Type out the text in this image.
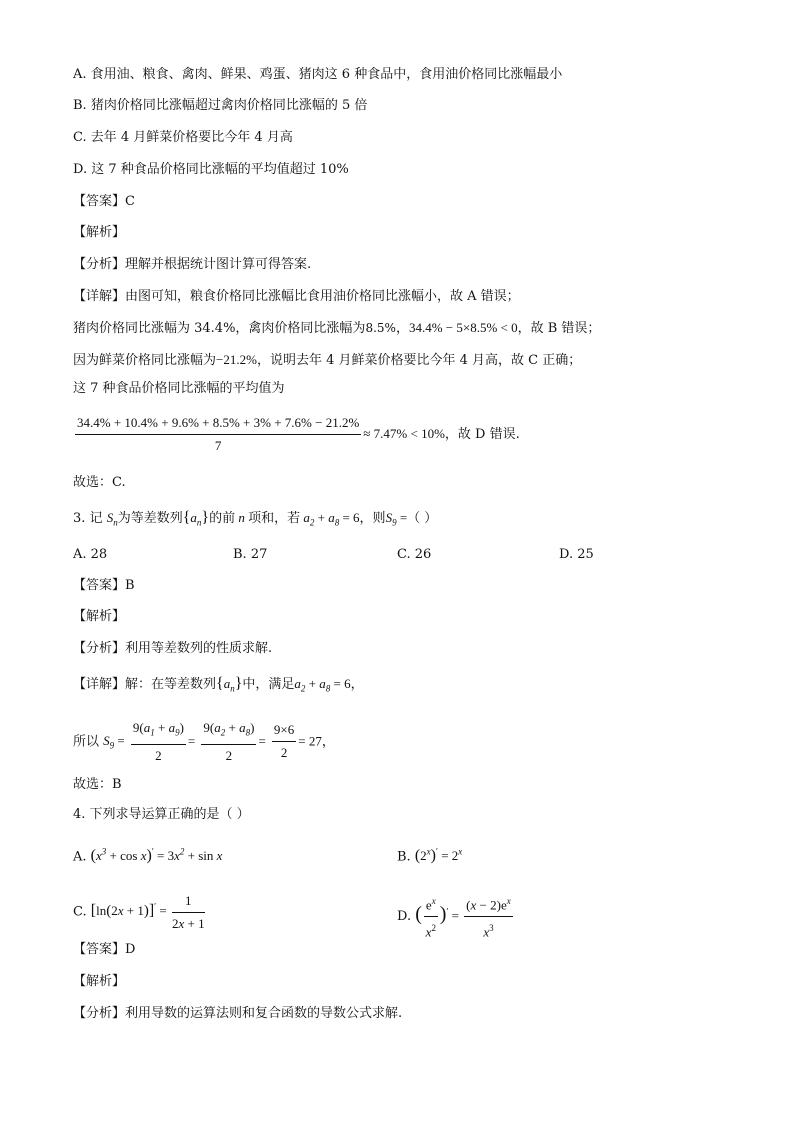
A. 食用油、粮食、禽肉、鲜果、鸡蛋、猪肉这 6 种食品中，食用油价格同比涨幅最小
B. 猪肉价格同比涨幅超过禽肉价格同比涨幅的 5 倍
C. 去年 4 月鲜菜价格要比今年 4 月高
D. 这 7 种食品价格同比涨幅的平均值超过 10%
【答案】C
【解析】
【分析】理解并根据统计图计算可得答案.
【详解】由图可知，粮食价格同比涨幅比食用油价格同比涨幅小，故 A 错误；
猪肉价格同比涨幅为 34.4%，禽肉价格同比涨幅为8.5%，34.4% − 5×8.5% < 0，故 B 错误；
因为鲜菜价格同比涨幅为−21.2%，说明去年 4 月鲜菜价格要比今年 4 月高，故 C 正确；
这 7 种食品价格同比涨幅的平均值为
$\frac{34.4\% + 10.4\% + 9.6\% + 8.5\% + 3\% + 7.6\% - 21.2\%}{7} \approx 7.47\% < 10\%$，故 D 错误.
故选：C.
3. 记 $S_n$为等差数列$\{a_n\}$的前 n 项和，若 $a_2 + a_8 = 6$，则$S_9$ =（ ）
A. 28	B. 27	C. 26	D. 25
【答案】B
【解析】
【分析】利用等差数列的性质求解.
【详解】解：在等差数列$\{a_n\}$中，满足$a_2 + a_8 = 6$，
所以 $S_9 = \frac{9(a_1 + a_9)}{2} = \frac{9(a_2 + a_8)}{2} = \frac{9\times 6}{2} = 27$，
故选：B
4. 下列求导运算正确的是（ ）
A. $(x^3 + \cos x)' = 3x^2 + \sin x$	B. $(2^x)' = 2^x$
C. $[\ln(2x + 1)]' = \frac{1}{2x + 1}$	D. ( $\frac{e^x}{x^2} )' = \frac{(x - 2)e^x}{x^3}$
【答案】D
【解析】
【分析】利用导数的运算法则和复合函数的导数公式求解.
